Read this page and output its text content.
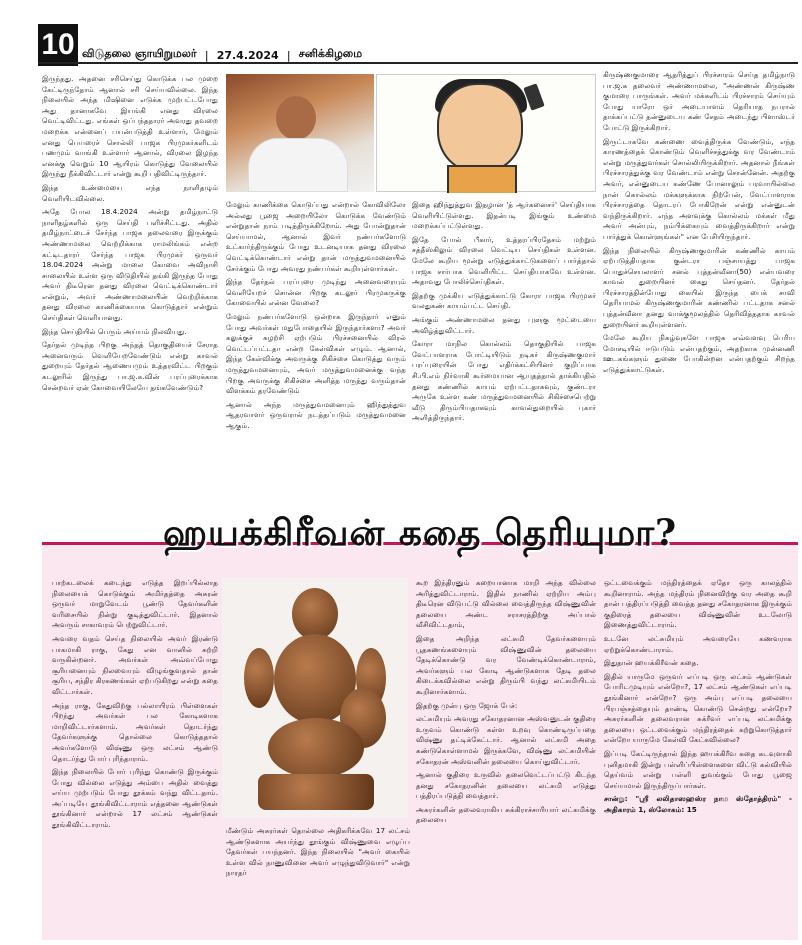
10 விடுதலை ஞாயிறுமலர் | 27.4.2024 | சனிக்கிழமை

இருந்தது. அதனை சரிசெய்து கொடுக்க பல முறை கேட்டிருந்தோம் ஆனால் சரி செய்யவில்லை. இந்த நிலையில் அந்த மிஷினை எடுக்க முற்பட்டபோது அது தானாகவே இயங்கி எனது விரலை வெட்டிவிட்டது. எங்கள் ஒப்பந்ததாரர் அவரது தவறை மறைக்க என்னைப் பயன்படுத்தி உள்ளார், மேலும் எனது பெயரைச் சொல்லி பாஜக பிரமுகர்களிடம் பணமும் வாங்கி உள்ளார் ஆனால், விரலை இழந்த எனக்கு வெறும் 10 ஆயிரம் கொடுத்து வேலையில் இருந்து நீக்கிவிட்டார் என்று கூறி பதிவிட்டிருந்தார்.

இந்த உண்மையை எந்த நாளிதழும் வெளியிடவில்லை.

அதே போல 18.4.2024 அன்று தமிழ்நாட்டு நாளிதழ்களில் ஒரு செய்தி பளிச்சிட்டது. அதில் தமிழ்நாட்டைச் சேர்ந்த பாஜக தலைவரை இருக்கும் அண்ணாமலை வெற்றிக்காக ராமலிங்கம் என்ற கட்டிடதாரர் சேர்ந்த பாஜக பிரமுகர் ஒருவர் 18.04.2024 அன்று மாலை கோவை அவிநாசி சாலையில் உள்ள ஒரு விடுதியில் தங்கி இருந்த போது அவர் திடீரென தனது விரலை வெட்டிக்கொண்டார் என்றும், அவர் அண்ணாமலையின் வெற்றிக்காக தனது விரலை காணிக்கையாக கொடுத்தார் என்றும் செய்திகள் வெளியானது.

இந்த செய்தியில் பெரும் அய்யம் நிலவியது.

தேர்தல் முடிந்த பிறகு அந்தத் தொகுதியைச் சேராத அனைவரும் வெளியேறவேண்டும் என்று காவல் துறையும் தேர்தல் ஆணையமும் உத்தரவிட்ட பிறகும் கடலூரில் இருந்து பா.ஜ.க.வின் பரப்புரைக்காக சென்றவர் ஏன் கோவையிலேயே தங்கவேண்டும்?

மேலும் காணிக்கை கொடுப்பது என்றால் கோவிலிலோ அல்லது பூஜை அறையிலோ கொடுக்க வேண்டும் என்றுதான் நாம் படித்திருக்கிறோம். அது போன்றுதான் செய்யாமல், ஆனால் இவர் நண்பர்களோடு உட்கார்ந்திருக்கும் போது உடனடியாக தனது விரலை வெட்டிக்கொண்டார் என்று தான் மருத்துவமனையில் சேர்க்கும் போது அவரது நண்பர்கள் கூறியுள்ளார்கள்.

இந்த தேர்தல் பரப்புரை முடிந்து அனைவரையும் வெளியேறச் சொன்ன பிறகு கடலூர் பிரமுகருக்கு கோவையில் என்ன வேலை?

மேலும் நண்பர்களோடு ஒன்றாக இருந்தார் எனும் போது அவர்கள் மதுபோதையில் இருந்தார்களா? அவர் கலுக்குச் சுழற்சி ஏற்படும் பிரச்சனையில் விரல் வெட்டப்பட்டதா என்ற கேள்விகள் எழும். ஆனால், இந்த கேள்விக்கு அவருக்கு சிகிச்சை கொடுத்து வரும் மருத்துவமனையும், அவர் மருத்துவமனைக்கு வந்த பிறகு அவருக்கு சிகிச்சை அளித்த மருத்து வரும்தான் விளக்கம் தரவேண்டும்

ஆனால் அந்த மருத்துவமனையும் ஹிந்துத்துவ ஆதரவாளர் ஒருவரால் நடத்தப்படும் மருத்துவமனை ஆகும்.

இதை ஹிந்துத்துவ இதழான 'த் ஆர்கனைசர்' செய்தியாக வெளியிட்டுள்ளது. இதன்படி இங்கும் உண்மை மறைக்கப்பட்டுள்ளது.

இதே போல் பீகார், உத்தரப்பிரதேசம் மற்றும் சத்தீஸ்கிலும் விரலை வெட்டிய செய்திகள் உள்ளன. மேலே கூறிய மூன்று எடுத்துக்காட்டுகளைப் பார்த்தால் பாஜக சார்பாக வெளியிட்ட செய்தியாகவே உள்ளன. அதாவது போலிச்செய்திகள்.

இதற்கு முக்கிய எடுத்துக்காட்டு கோரா பாஜக பிரமுகர் வலதுகண் காயம்பட்ட செய்தி.

அங்கும் அண்ணாமலை தனது புளுகு மூட்டையை அவிழ்த்துவிட்டார்.

கோரா மாநில கொல்லம் தொகுதியில் பாஜக வேட்பாளராக போட்டியிடும் நடிகர் கிருஷ்ணகுமார் பரப்புரையின் போது எதிர்க்கட்சியினர் குறிப்பாக சி.பி.எம் நிர்வாகி கூர்மையான ஆயுதத்தால் தாக்கியதில் தனது கண்ணில் காயம் ஏற்பட்டதாகவும், குண்டரா அருகே உள்ள கண் மருத்துவமனையில் சிகிச்சைபெற்று வீடு திரும்பியதாகவும் காவல்துறையில் புகார் அளித்திருந்தார்.

கிருஷ்ணகுமாரை ஆதரித்துப் பிரச்சாரம் செய்த தமிழ்நாடு பா.ஜ.க தலைவர் அண்ணாமலை, "அண்ணன் கிருஷ்ண குமாரை பாருங்கள். அவர் மக்களிடம் பிரச்சாரம் செய்யும் போது யாரோ ஒர் அடையாளம் தெரியாத நபரால் தாக்கப்பட்டு தன்னுடைய கண் சேதம் அடைந்து பிளாஸ்டர் போட்டு இருக்கிறார்.

இருட்டாகவே கண்ணை வைத்திருக்க வேண்டும், எந்த காரணத்தைக் கொண்டும் வெளிச்சத்துக்கு வர வேண்டாம் என்று மருத்துவர்கள் சொல்லியிருக்கிறார். அதனால் நீங்கள் பிரச்சாரத்துக்கு வர வேண்டாம் என்று சொன்னேன். அதற்கு அவர், என்னுடைய கண்ணே போனாலும் பரவாயில்லை நான் கொல்லம் மக்களுக்காக நிற்பேன், வேட்பாளராக பிரச்சாரத்தை தொடரப் போகிறேன் என்று என்னுடன் வந்திருக்கிறார். எந்த அளவுக்கு கொல்லம் மக்கள் மீது அவர் அன்பும், நம்பிக்கையும் வைத்திருக்கிறார் என்று பார்த்துக் கொள்ளுங்கள்" என பேசியிருந்தார்.

இந்த நிலையில் கிருஷ்ணகுமாரின் கண்ணில் காயம் ஏற்படுத்தியதாக குன்டரா பஞ்சாயத்து பாஜக பொதுச்செயலாளர் சனல் புத்தன்வீனா(50) என்பவரை காவல் துறையினர் கைது செய்தனர். தேர்தல் பிரச்சாரத்தின்போது கையில் இருந்த பைக் சாவி தெரியாமல் கிருஷ்ணகுமாரின் கண்ணில் பட்டதாக சனல் புத்தன்வீனா தனது வாக்குமூலத்தில் தெரிவித்ததாக காவல் துறையினர் கூறியுள்ளனர்.

மேலே கூறிய நிகழ்வுகளே பாஜக எவ்வளவு பெரிய மோசடியில் ஈடுபடும் என்பதற்கும், அதற்காக முன்னணி ஊடகங்களும் துணை போகின்றன என்பதற்கும் சிறந்த எடுத்துக்காட்டுகள்.

ஹயக்கிரீவன் கதை தெரியுமா?

பாற்கடலைக் கடைந்து எடுத்த இறப்பில்லாத நிலையைக் கொடுக்கும் அமிர்தத்தை அசுரன் ஒருவர் மாறுவேடம் பூண்டு தேவர்களின் வரிசையில் நின்று குடித்துவிட்டார். இதனால் அவரும் சாகாவரம் பெற்றுவிட்டார்.

அவரை வதம் செய்த நிலையில் அவர் இரண்டு பாகமாகி ராகு, கேது என வானில் சுற்றி வருகின்றனர். அவர்கள் அவ்வப்போது சூரியனையும் நிலவையும் விழுங்குவதால் தான் சூரிய, சந்திர கிரகணங்கள் ஏற்படுகிறது என்று கதை விட்டார்கள்.

அந்த ராகு, கேதுவிற்கு பல்லாயிரம் பிள்ளைகள் பிறந்து அவர்கள் பல கோடிகளாக மாறிவிட்டார்களாம். அவர்கள் தொடர்ந்து தேவர்களுக்கு தொல்லை கொடுத்ததால் அவர்களோடு விஷ்ணு ஒரு லட்சம் ஆண்டு தொடர்ந்து போர் புரிந்தாராம்.

இந்த நிலையில் போர் புரிந்து கொண்டு இருக்கும் போது வில்லை எடுத்து அம்பை அதில் வைத்து எய்ய முற்படும் போது தூக்கம் வந்து விட்டதாம். அப்படியே தூங்கிவிட்டாராம் எத்தனை ஆண்டுகள் தூங்கினார் என்றால் 17 லட்சம் ஆண்டுகள் தூங்கிவிட்டாராம்.

மீண்டும் அசுரர்கள் தொல்லை அதிகரிக்கவே 17 லட்சம் ஆண்டுகளாக அயர்ந்து தூங்கும் விஷ்ணுவை எழுப்ப தேவர்கள் பயந்தனர். இந்த நிலையில் "அவர் கையில் உள்ள வில் நாணுவினை அவர் எழுந்துவிடுவார்" என்று நாரதர்

கூற இந்திரனும் கறையானாக மாறி அந்த வில்லை அரித்துவிட்டாராம். இதில் நாணில் ஏற்றிய அம்பு திடீரென விடுபட்டு வில்லை வைத்திருந்த விஷ்ணுவின் தலையை அண்ட சராசரத்திற்கு அப்பால் வீசிவிட்டதாம்,

இதை அறிந்த லட்சுமி தேவர்களையும் பூதகணங்களையும் விஷ்ணுவின் தலையை தேடிக்கொண்டு வர வேண்டிக்கொண்டாராம், அவர்களும் பல கோடி ஆண்டுகளாக தேடி தலை கிடைக்கவில்லை என்று திரும்பி வந்து லட்சுமியிடம் கூறினார்களாம்.

இதற்கு முன்பு ஒரு ஜோக் பேச்:

லட்சுமியும் அவரது சகோதரனான அஸ்வனுடன் குதிரை உருவம் கொண்டு கள்ள உறவு கொண்டிருப்பதை விஷ்ணு தட்டிக்கேட்டார். ஆனால் லட்சுமி அதை கண்டுகொள்ளாமல் இருக்கவே, விஷ்ணு லட்சுமியின் சகோதரன் அஸ்வனின் தலையை கொய்துவிட்டார்.

ஆனால் குதிரை உருவில் தலைவெட்டப்பட்டு கிடந்த தனது சகோதரனின் தலையை லட்சுமி எடுத்து பத்திரப்படுத்தி வைத்தார்.

அசுரர்களின் தலைவராகிய சுக்கிராச்சாரியார் லட்சுமிக்கு தலையை

ஒட்டவைக்கும் மந்திரத்தைக் ஏதோ ஒரு காலத்தில் கூறினாராம். அந்த மந்திரம் நினைவிற்கு வர அதை கூறி தான் பத்திரப்படுத்தி வைத்த தனது சகோதரனாக இருக்கும் குதிரைத் தலையை விஷ்ணுவின் உடலோடு இணைத்துவிட்டாராம்.

உடனே லட்சுமியும் அவரையே கணவராக ஏற்றுக்கொண்டாராம்.

இதுதான் ஹயக்கிரீவன் கதை.

இதில் யாருமே ஒருவர் எப்படி ஒரு லட்சம் ஆண்டுகள் போரிடமுடியும் என்றோ?, 17 லட்சம் ஆண்டுகள் எப்படி தூங்கினார் என்றோ? ஒரு அம்பு எப்படி தலையை பிரபஞ்சத்தையும் தாண்டி கொண்டு சென்றது என்றோ? அசுரர்களின் தலைவரான சுக்ரீவர் எப்படி லட்சுமிக்கு தலையை ஒட்டவைக்கும் மந்திரத்தைக் கற்றுகொடுத்தார் என்றோ யாருமே கேள்வி கேட்கவில்லை?

இப்படி கேட்டிருந்தால் இந்த ஹயக்கிரீவ கதை கடவுளாகி புனிதமாகி இன்று பள்ளிப்பிள்ளைகளை விட்டு கல்வியில் தெய்வம் என்று பள்ளி துவங்கும் போது பூஜை செய்யமால் இருந்திருப்பார்கள்.

சான்று: "ஸ்ரீ லலிதாஸஹஸ்ர நாம ஸ்தோத்திரம்" - அதிகாரம் 1, ஸ்லோகம்: 15
